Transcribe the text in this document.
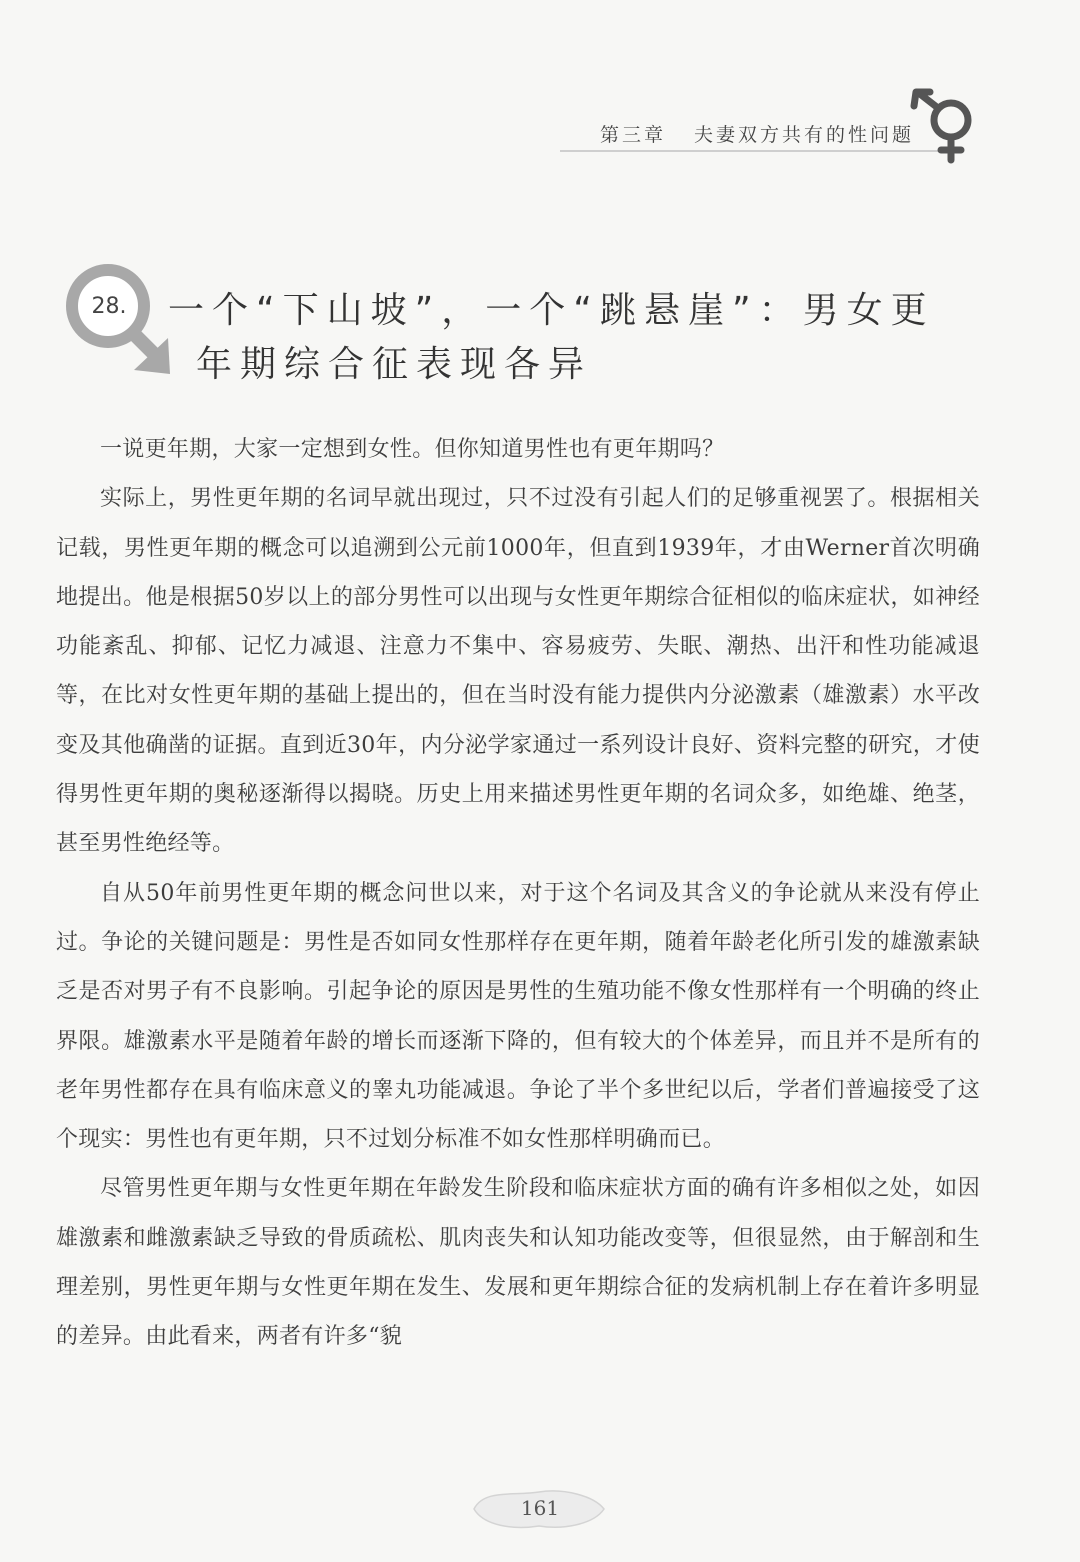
第三章 夫妻双方共有的性问题
28. 一个“下山坡”，一个“跳悬崖”：男女更
年期综合征表现各异

一说更年期，大家一定想到女性。但你知道男性也有更年期吗？

实际上，男性更年期的名词早就出现过，只不过没有引起人们的足够重视罢了。根据相关记载，男性更年期的概念可以追溯到公元前1000年，但直到1939年，才由Werner首次明确地提出。他是根据50岁以上的部分男性可以出现与女性更年期综合征相似的临床症状，如神经功能紊乱、抑郁、记忆力减退、注意力不集中、容易疲劳、失眠、潮热、出汗和性功能减退等，在比对女性更年期的基础上提出的，但在当时没有能力提供内分泌激素（雄激素）水平改变及其他确凿的证据。直到近30年，内分泌学家通过一系列设计良好、资料完整的研究，才使得男性更年期的奥秘逐渐得以揭晓。历史上用来描述男性更年期的名词众多，如绝雄、绝茎，甚至男性绝经等。

自从50年前男性更年期的概念问世以来，对于这个名词及其含义的争论就从来没有停止过。争论的关键问题是：男性是否如同女性那样存在更年期，随着年龄老化所引发的雄激素缺乏是否对男子有不良影响。引起争论的原因是男性的生殖功能不像女性那样有一个明确的终止界限。雄激素水平是随着年龄的增长而逐渐下降的，但有较大的个体差异，而且并不是所有的老年男性都存在具有临床意义的睾丸功能减退。争论了半个多世纪以后，学者们普遍接受了这个现实：男性也有更年期，只不过划分标准不如女性那样明确而已。

尽管男性更年期与女性更年期在年龄发生阶段和临床症状方面的确有许多相似之处，如因雄激素和雌激素缺乏导致的骨质疏松、肌肉丧失和认知功能改变等，但很显然，由于解剖和生理差别，男性更年期与女性更年期在发生、发展和更年期综合征的发病机制上存在着许多明显的差异。由此看来，两者有许多“貌

161
